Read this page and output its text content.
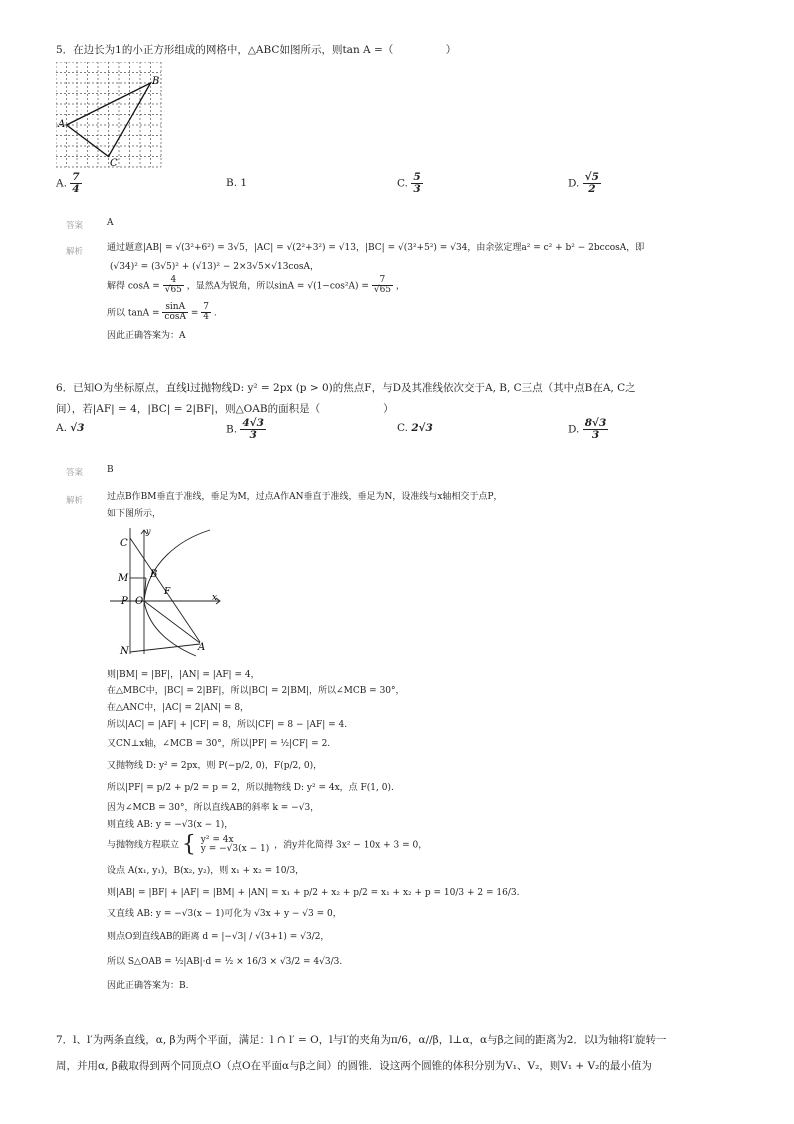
5．在边长为1的小正方形组成的网格中，△ABC如图所示，则tan A =（　　　　　）
A
B
C
A. $\frac{7}{4}$	B. 1	C. $\frac{5}{3}$	D. $\frac{√5}{2}$
答案	A
解析	通过题意|AB| = √(3²+6²) = 3√5，|AC| = √(2²+3²) = √13，|BC| = √(3²+5²) = √34，由余弦定理a² = c² + b² − 2bccosA，即
(√34)² = (3√5)² + (√13)² − 2×3√5×√13cosA，
解得 $\cos A = \frac{4}{√65}$ ，显然A为锐角，所以$\sin A = √(1-\cos^2A) = \frac{7}{√65}$ ，
所以 $\tan A = \frac{\sin A}{\cos A} = \frac{7}{4}$ .
因此正确答案为：A
6．已知O为坐标原点，直线l过抛物线D: y² = 2px (p > 0)的焦点F，与D及其准线依次交于A, B, C三点（其中点B在A, C之
间），若|AF| = 4，|BC| = 2|BF|，则△OAB的面积是（　　　　　　）
A. √3	B. $\frac{4√3}{3}$	C. 2√3	D. $\frac{8√3}{3}$
答案	B
解析	过点B作BM垂直于准线，垂足为M，过点A作AN垂直于准线，垂足为N，设准线与x轴相交于点P，
如下图所示，
C
y
M B
F
P O	x
N	A
则|BM| = |BF|，|AN| = |AF| = 4，
在△MBC中，|BC| = 2|BF|，所以|BC| = 2|BM|，所以∠MCB = 30°，
在△ANC中，|AC| = 2|AN| = 8，
所以|AC| = |AF| + |CF| = 8，所以|CF| = 8 − |AF| = 4.
又CN⊥x轴，∠MCB = 30°，所以|PF| = ½|CF| = 2.
又抛物线 D: y² = 2px，则 P(−p/2, 0)，F(p/2, 0)，
所以|PF| = p/2 + p/2 = p = 2，所以抛物线 D: y² = 4x，点 F(1, 0).
因为∠MCB = 30°，所以直线AB的斜率 k = −√3，
则直线 AB: y = −√3(x − 1)，
与抛物线方程联立 { y² = 4x
y = −√3(x − 1) ，消y并化简得 3x² − 10x + 3 = 0，
设点 A(x₁, y₁)，B(x₂, y₂)，则 x₁ + x₂ = 10/3，
则|AB| = |BF| + |AF| = |BM| + |AN| = x₁ + p/2 + x₂ + p/2 = x₁ + x₂ + p = 10/3 + 2 = 16/3.
又直线 AB: y = −√3(x − 1)可化为 √3x + y − √3 = 0，
则点O到直线AB的距离 d = |−√3| / √(3+1) = √3/2，
所以 S△OAB = ½|AB|·d = ½ × 16/3 × √3/2 = 4√3/3.
因此正确答案为：B.
7．l、l′为两条直线，α, β为两个平面，满足：l ∩ l′ = O，l与l′的夹角为π/6，α//β，l⊥α，α与β之间的距离为2．以l为轴将l′旋转一
周，并用α, β截取得到两个同顶点O（点O在平面α与β之间）的圆锥．设这两个圆锥的体积分别为V₁、V₂，则V₁ + V₂的最小值为
